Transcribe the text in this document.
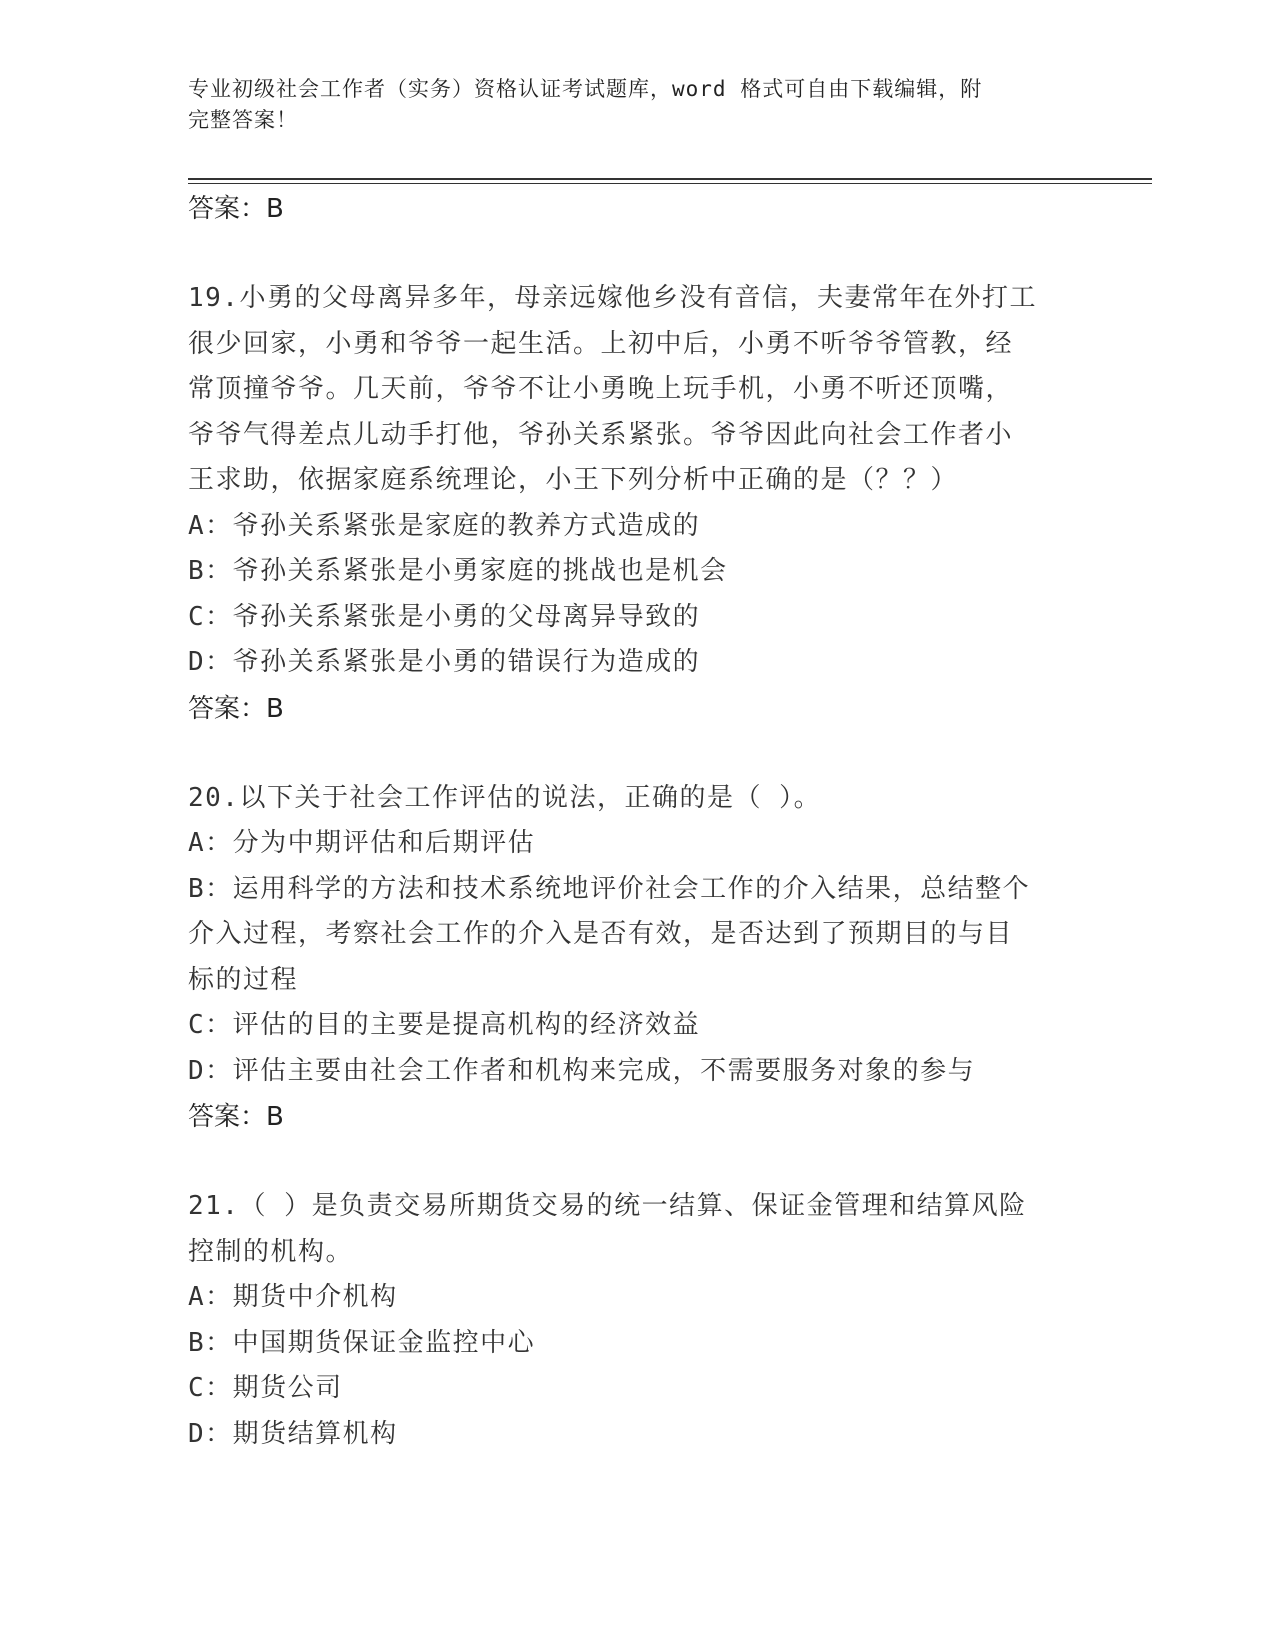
专业初级社会工作者（实务）资格认证考试题库，word 格式可自由下载编辑，附
完整答案！

答案：B

19.小勇的父母离异多年，母亲远嫁他乡没有音信，夫妻常年在外打工

很少回家，小勇和爷爷一起生活。上初中后，小勇不听爷爷管教，经

常顶撞爷爷。几天前，爷爷不让小勇晚上玩手机，小勇不听还顶嘴，

爷爷气得差点儿动手打他，爷孙关系紧张。爷爷因此向社会工作者小

王求助，依据家庭系统理论，小王下列分析中正确的是（？？）

A：爷孙关系紧张是家庭的教养方式造成的

B：爷孙关系紧张是小勇家庭的挑战也是机会

C：爷孙关系紧张是小勇的父母离异导致的

D：爷孙关系紧张是小勇的错误行为造成的

答案：B

20.以下关于社会工作评估的说法，正确的是（ ）。

A：分为中期评估和后期评估

B：运用科学的方法和技术系统地评价社会工作的介入结果，总结整个

介入过程，考察社会工作的介入是否有效，是否达到了预期目的与目

标的过程

C：评估的目的主要是提高机构的经济效益

D：评估主要由社会工作者和机构来完成，不需要服务对象的参与

答案：B

21.（ ）是负责交易所期货交易的统一结算、保证金管理和结算风险

控制的机构。

A：期货中介机构

B：中国期货保证金监控中心

C：期货公司

D：期货结算机构
